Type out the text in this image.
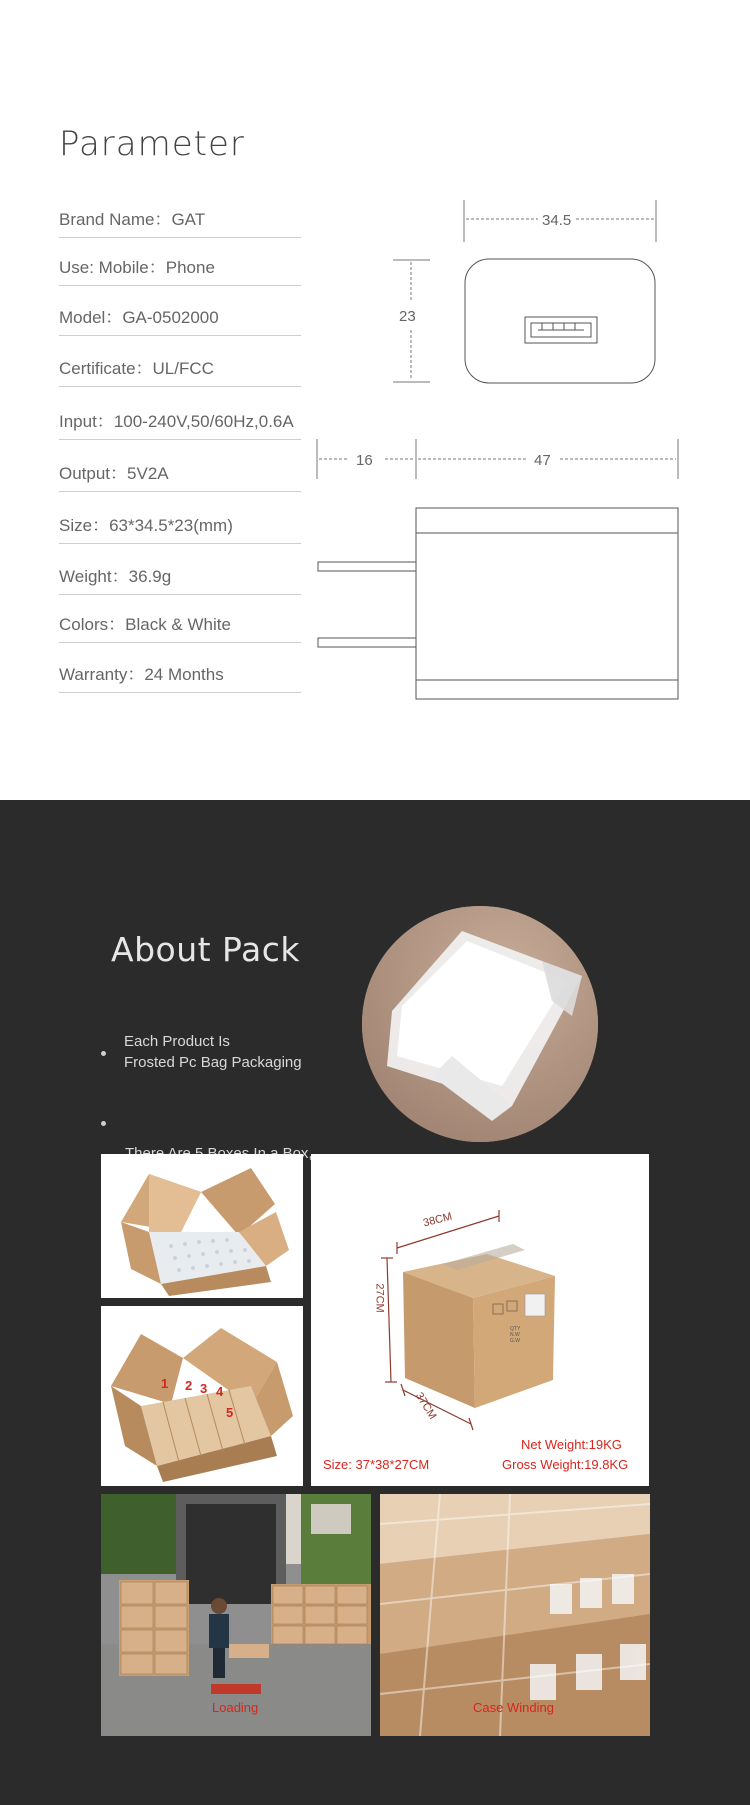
Parameter
Brand Name：GAT
Use: Mobile：Phone
Model：GA-0502000
Certificate：UL/FCC
Input：100-240V,50/60Hz,0.6A
Output：5V2A
Size：63*34.5*23(mm)
Weight：36.9g
Colors：Black & White
Warranty：24 Months
34.5
23
16	47
About Pack
Each Product Is
Frosted Pc Bag Packaging

1 2 3 4
5
38CM
27CM
37CM
QTY
N.W
G.W
Net Weight:19KG
Size: 37*38*27CM	Gross Weight:19.8KG
Loading	Case Winding
